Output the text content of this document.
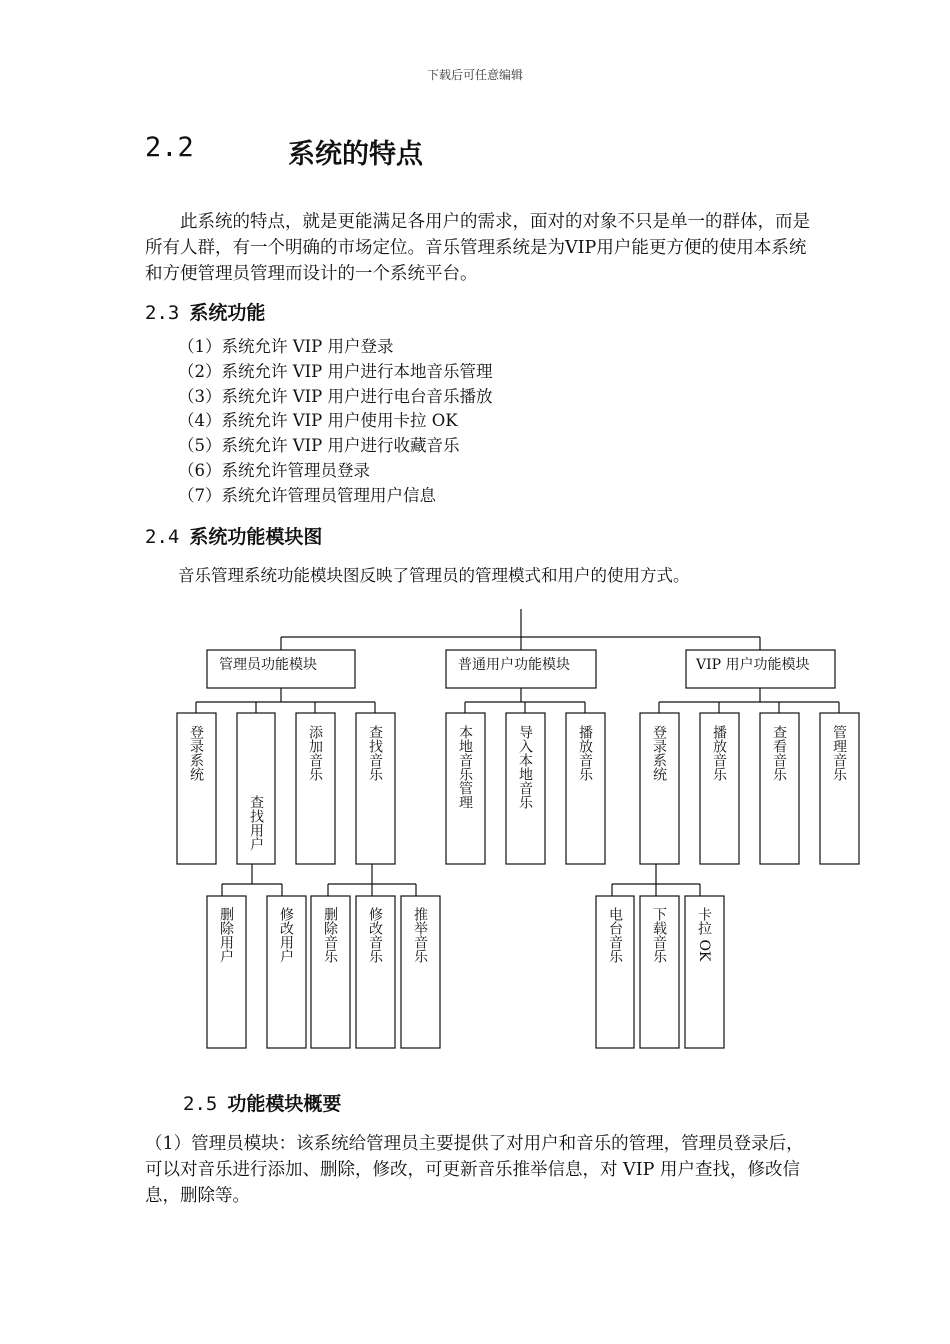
下载后可任意编辑
2.2	系统的特点

此系统的特点，就是更能满足各用户的需求，面对的对象不只是单一的群体，而是所有人群，有一个明确的市场定位。音乐管理系统是为VIP用户能更方便的使用本系统和方便管理员管理而设计的一个系统平台。

2.3 系统功能
（1）系统允许 VIP 用户登录
（2）系统允许 VIP 用户进行本地音乐管理
（3）系统允许 VIP 用户进行电台音乐播放
（4）系统允许 VIP 用户使用卡拉 OK
（5）系统允许 VIP 用户进行收藏音乐
（6）系统允许管理员登录
（7）系统允许管理员管理用户信息
2.4 系统功能模块图
音乐管理系统功能模块图反映了管理员的管理模式和用户的使用方式。
管理员功能模块	普通用户功能模块	VIP 用户功能模块
登录系统
查找用户
添加音乐	查找音乐	本地音乐管理	导入本地音乐	播放音乐	登录系统	播放音乐	查看音乐	管理音乐
删除用户	修改用户 删除音乐 修改音乐 推举音乐	电台音乐 下载音乐 卡拉 OK
2.5 功能模块概要

（1）管理员模块：该系统给管理员主要提供了对用户和音乐的管理，管理员登录后，可以对音乐进行添加、删除，修改，可更新音乐推举信息，对 VIP 用户查找，修改信息，删除等。
